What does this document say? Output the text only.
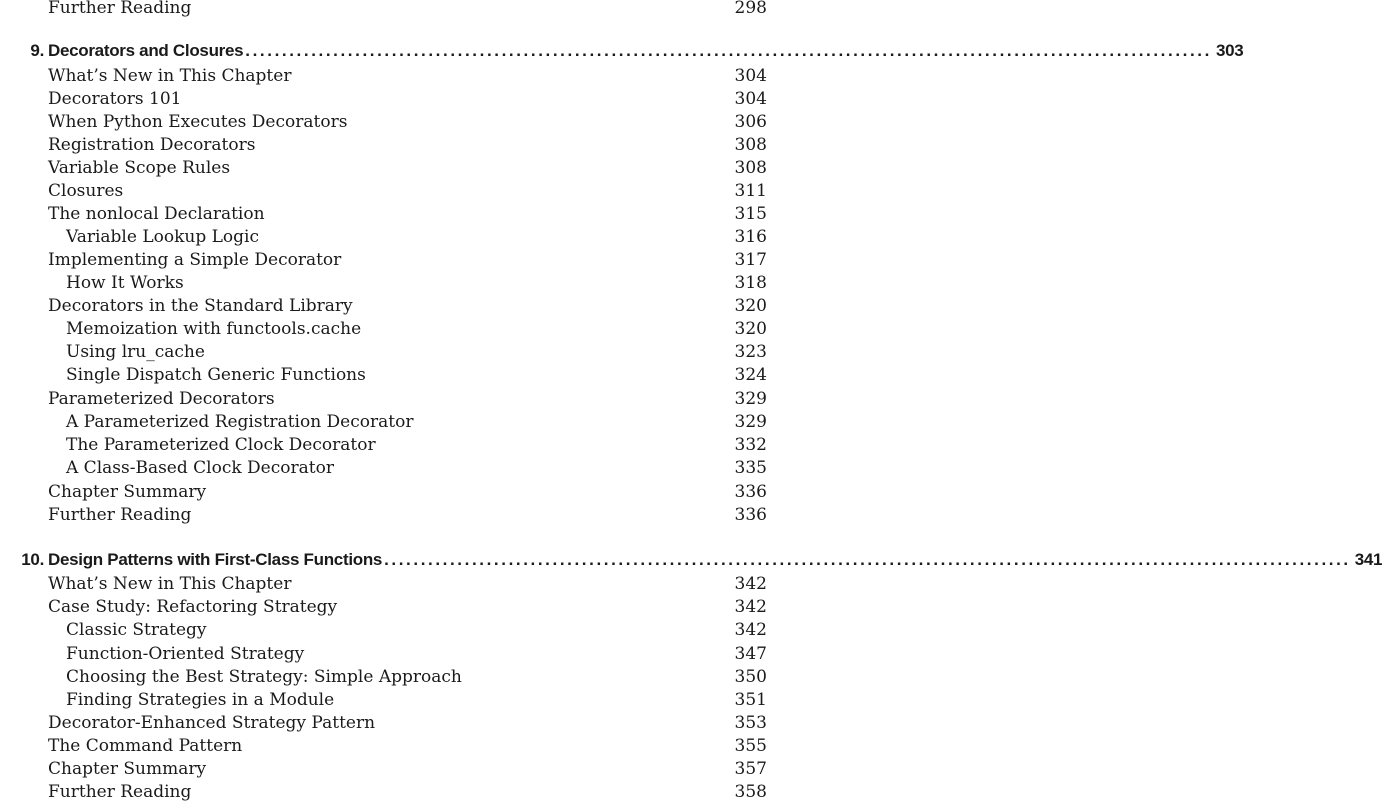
Further Reading	298
9. Decorators and Closures .................................................................................................................................... 303
What’s New in This Chapter	304
Decorators 101	304
When Python Executes Decorators	306
Registration Decorators	308
Variable Scope Rules	308
Closures	311
The nonlocal Declaration	315
Variable Lookup Logic	316
Implementing a Simple Decorator	317
How It Works	318
Decorators in the Standard Library	320
Memoization with functools.cache	320
Using lru_cache	323
Single Dispatch Generic Functions	324
Parameterized Decorators	329
A Parameterized Registration Decorator	329
The Parameterized Clock Decorator	332
A Class-Based Clock Decorator	335
Chapter Summary	336
Further Reading	336
10. Design Patterns with First-Class Functions .................................................................................................................................... 341
What’s New in This Chapter	342
Case Study: Refactoring Strategy	342
Classic Strategy	342
Function-Oriented Strategy	347
Choosing the Best Strategy: Simple Approach	350
Finding Strategies in a Module	351
Decorator-Enhanced Strategy Pattern	353
The Command Pattern	355
Chapter Summary	357
Further Reading	358
